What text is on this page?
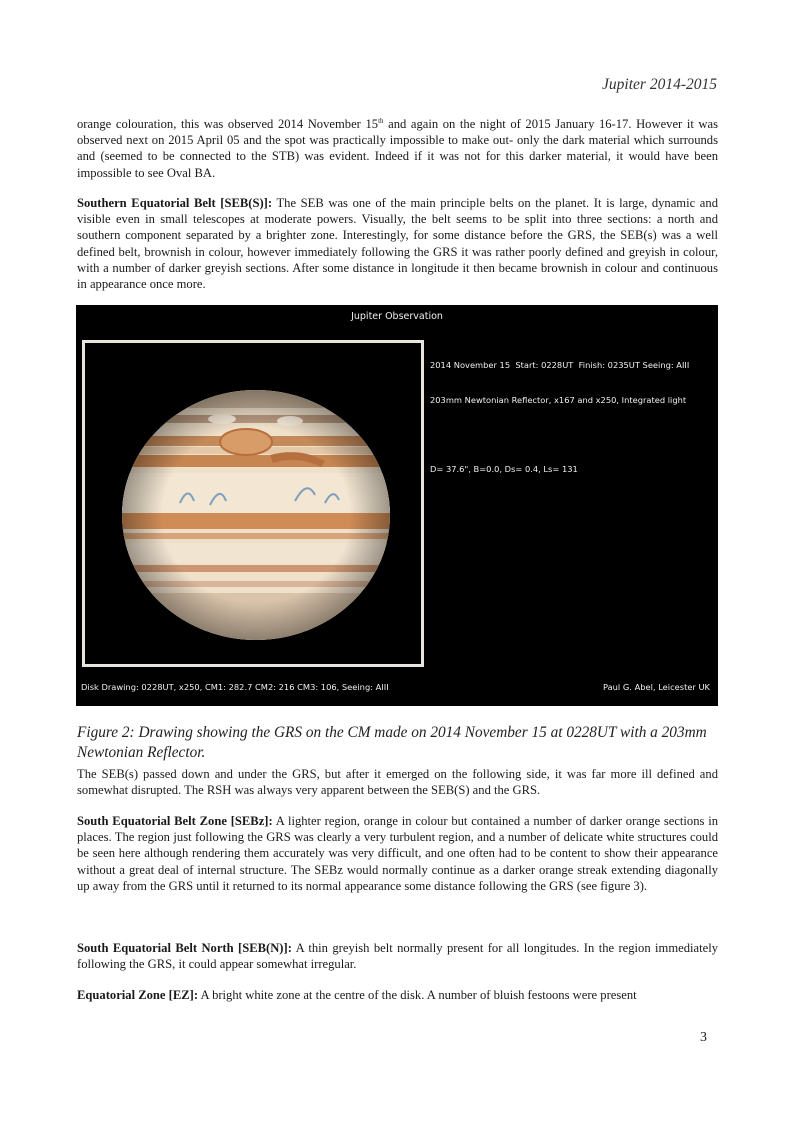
Jupiter 2014-2015

orange colouration, this was observed 2014 November 15th and again on the night of 2015 January 16-17. However it was observed next on 2015 April 05 and the spot was practically impossible to make out- only the dark material which surrounds and (seemed to be connected to the STB) was evident. Indeed if it was not for this darker material, it would have been impossible to see Oval BA.

Southern Equatorial Belt [SEB(S)]: The SEB was one of the main principle belts on the planet. It is large, dynamic and visible even in small telescopes at moderate powers. Visually, the belt seems to be split into three sections: a north and southern component separated by a brighter zone. Interestingly, for some distance before the GRS, the SEB(s) was a well defined belt, brownish in colour, however immediately following the GRS it was rather poorly defined and greyish in colour, with a number of darker greyish sections. After some distance in longitude it then became brownish in colour and continuous in appearance once more.

Jupiter Observation

2014 November 15  Start: 0228UT  Finish: 0235UT Seeing: AIII

203mm Newtonian Reflector, x167 and x250, Integrated light

D= 37.6", B=0.0, Ds= 0.4, Ls= 131

Disk Drawing: 0228UT, x250, CM1: 282.7 CM2: 216 CM3: 106, Seeing: AIII	Paul G. Abel, Leicester UK

Figure 2: Drawing showing the GRS on the CM made on 2014 November 15 at 0228UT with a 203mm Newtonian Reflector.

The SEB(s) passed down and under the GRS, but after it emerged on the following side, it was far more ill defined and somewhat disrupted. The RSH was always very apparent between the SEB(S) and the GRS.

South Equatorial Belt Zone [SEBz]: A lighter region, orange in colour but contained a number of darker orange sections in places. The region just following the GRS was clearly a very turbulent region, and a number of delicate white structures could be seen here although rendering them accurately was very difficult, and one often had to be content to show their appearance without a great deal of internal structure. The SEBz would normally continue as a darker orange streak extending diagonally up away from the GRS until it returned to its normal appearance some distance following the GRS (see figure 3).

South Equatorial Belt North [SEB(N)]: A thin greyish belt normally present for all longitudes. In the region immediately following the GRS, it could appear somewhat irregular.

Equatorial Zone [EZ]: A bright white zone at the centre of the disk. A number of bluish festoons were present

3
